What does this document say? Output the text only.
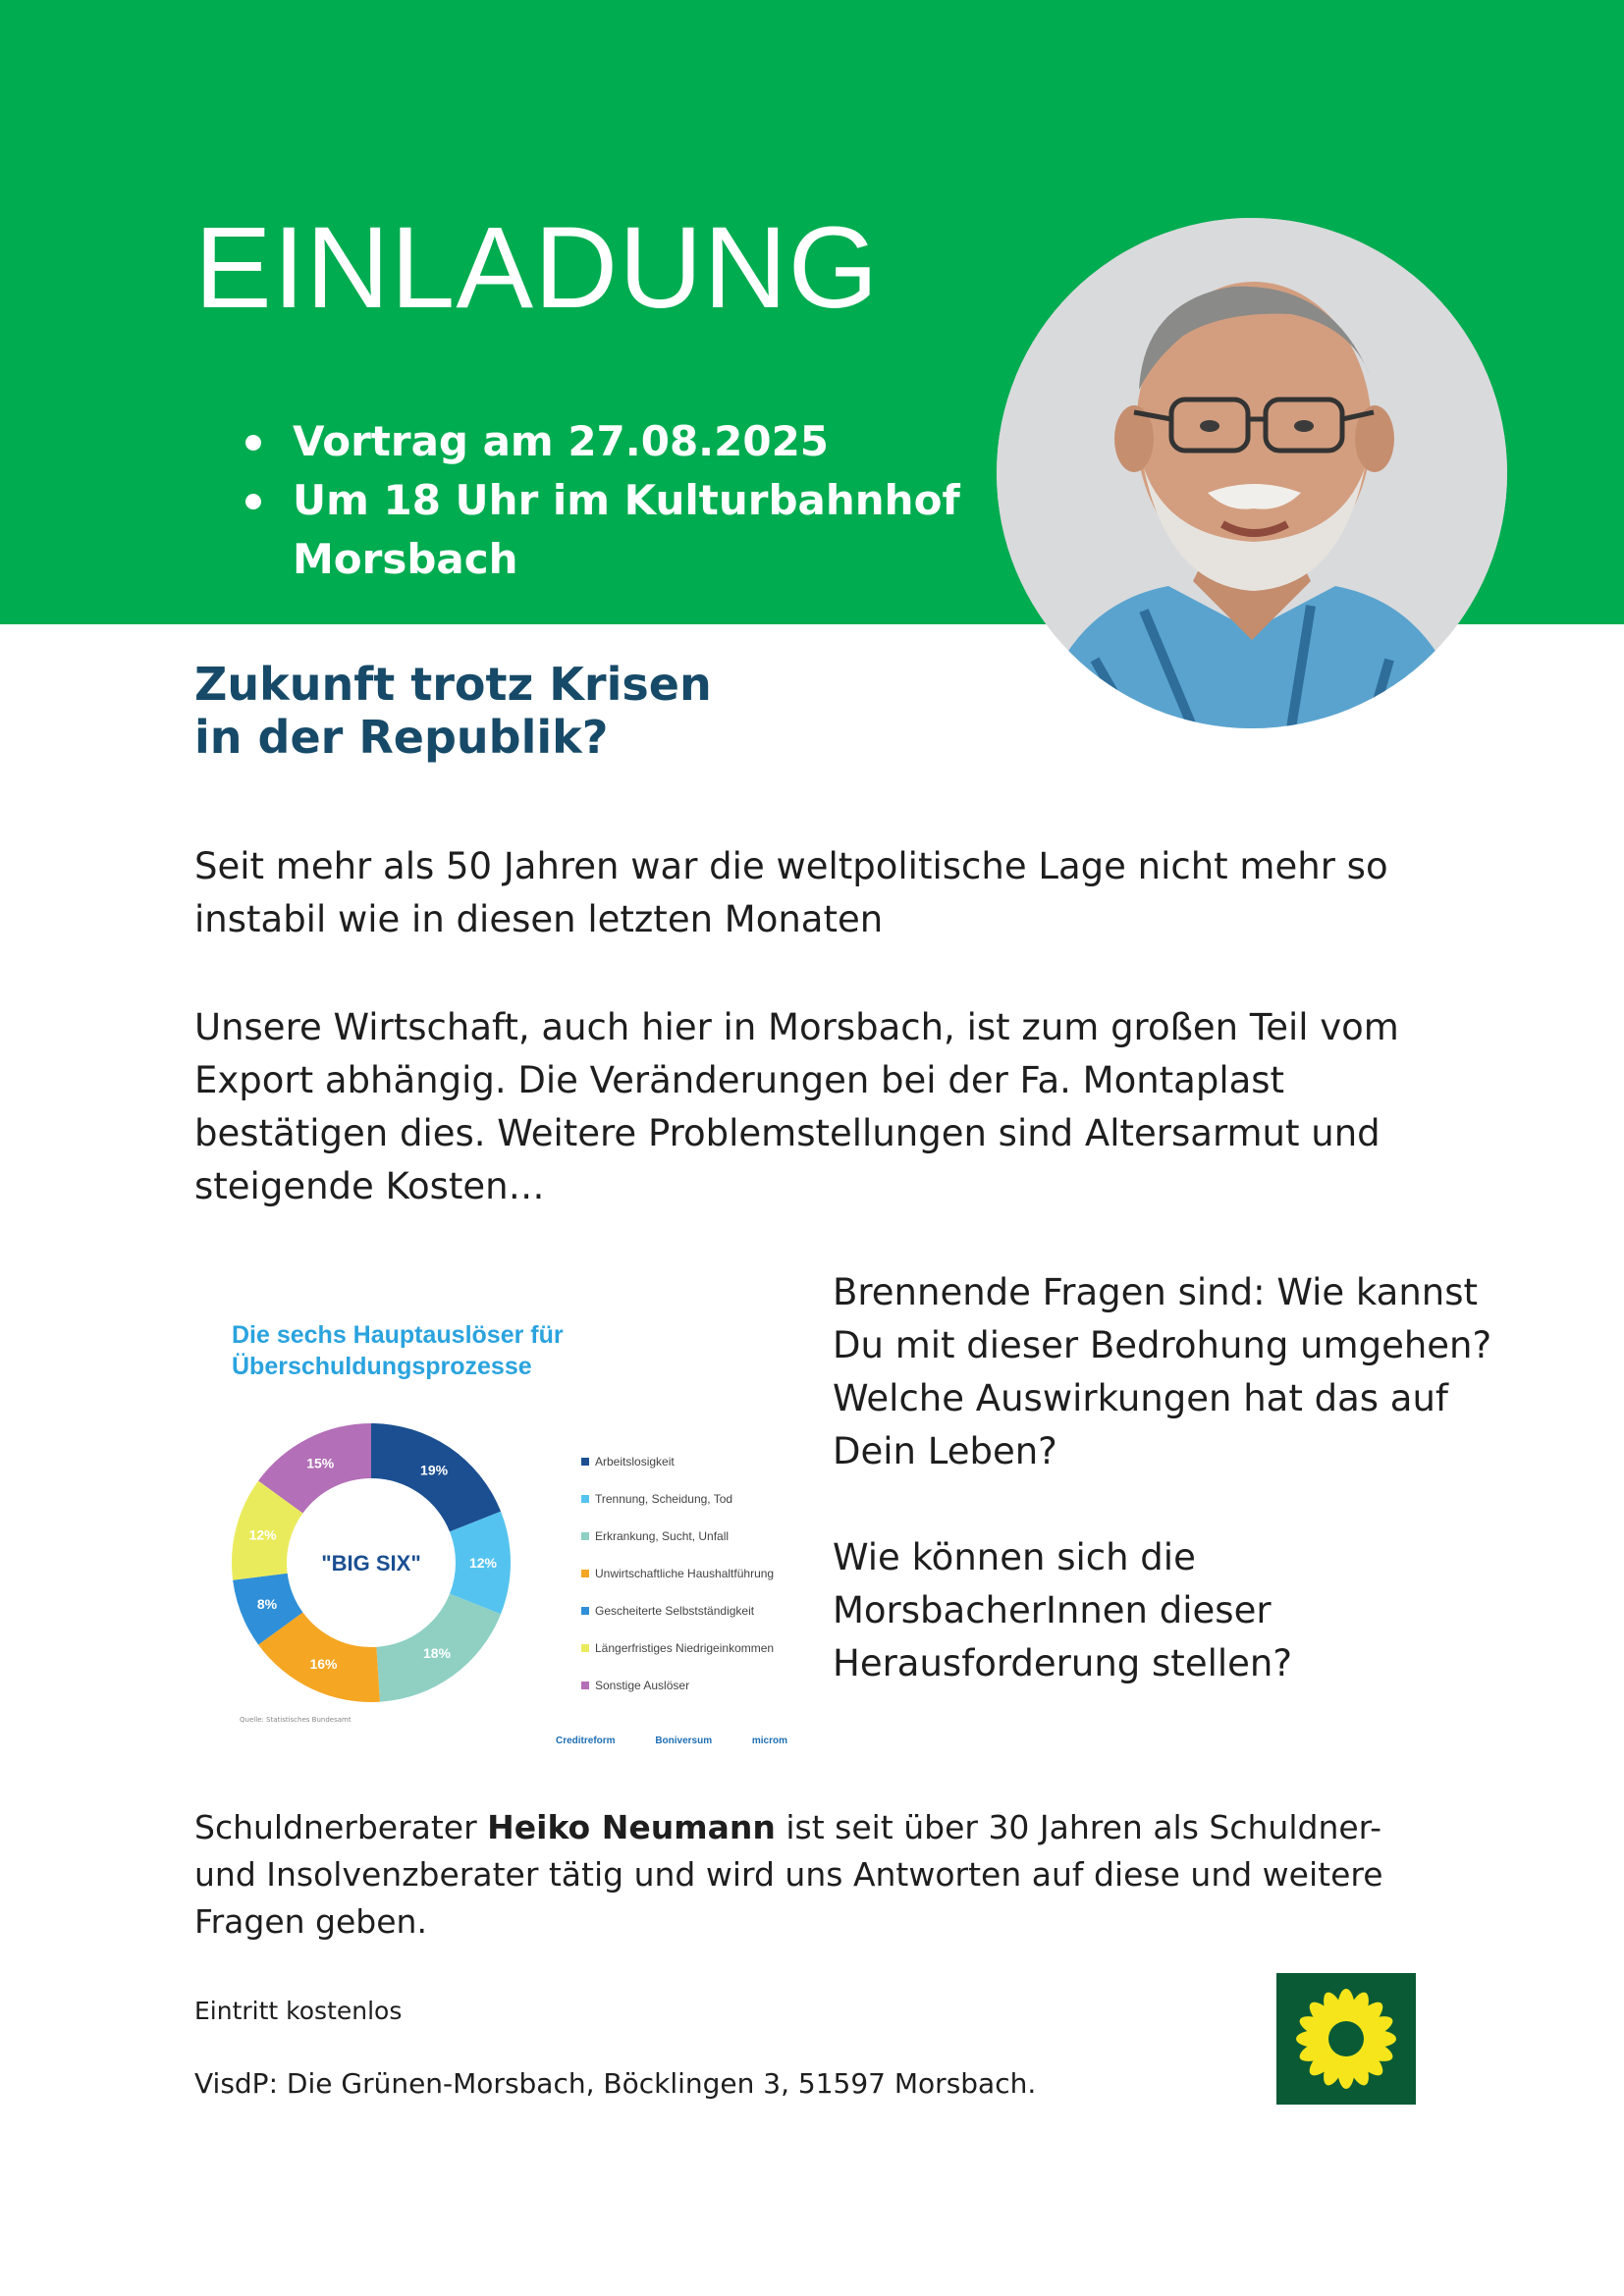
EINLADUNG
Vortrag am 27.08.2025
Um 18 Uhr im Kulturbahnhof Morsbach
Zukunft trotz Krisen
in der Republik?

Seit mehr als 50 Jahren war die weltpolitische Lage nicht mehr so instabil wie in diesen letzten Monaten

Unsere Wirtschaft, auch hier in Morsbach, ist zum großen Teil vom Export abhängig. Die Veränderungen bei der Fa. Montaplast bestätigen dies. Weitere Problemstellungen sind Altersarmut und steigende Kosten…

Die sechs Hauptauslöser für Überschuldungsprozesse

19%
12%
18%
16%
8%
12%
15%
"BIG SIX"
Arbeitslosigkeit
Trennung, Scheidung, Tod
Erkrankung, Sucht, Unfall
Unwirtschaftliche Haushaltführung
Gescheiterte Selbstständigkeit
Längerfristiges Niedrigeinkommen
Sonstige Auslöser
Quelle: Statistisches Bundesamt
Creditreform	Boniversum	microm

Brennende Fragen sind: Wie kannst Du mit dieser Bedrohung umgehen? Welche Auswirkungen hat das auf Dein Leben?

Wie können sich die MorsbacherInnen dieser Herausforderung stellen?

Schuldnerberater Heiko Neumann ist seit über 30 Jahren als Schuldner- und Insolvenzberater tätig und wird uns Antworten auf diese und weitere Fragen geben.

Eintritt kostenlos

VisdP: Die Grünen-Morsbach, Böcklingen 3, 51597 Morsbach.
